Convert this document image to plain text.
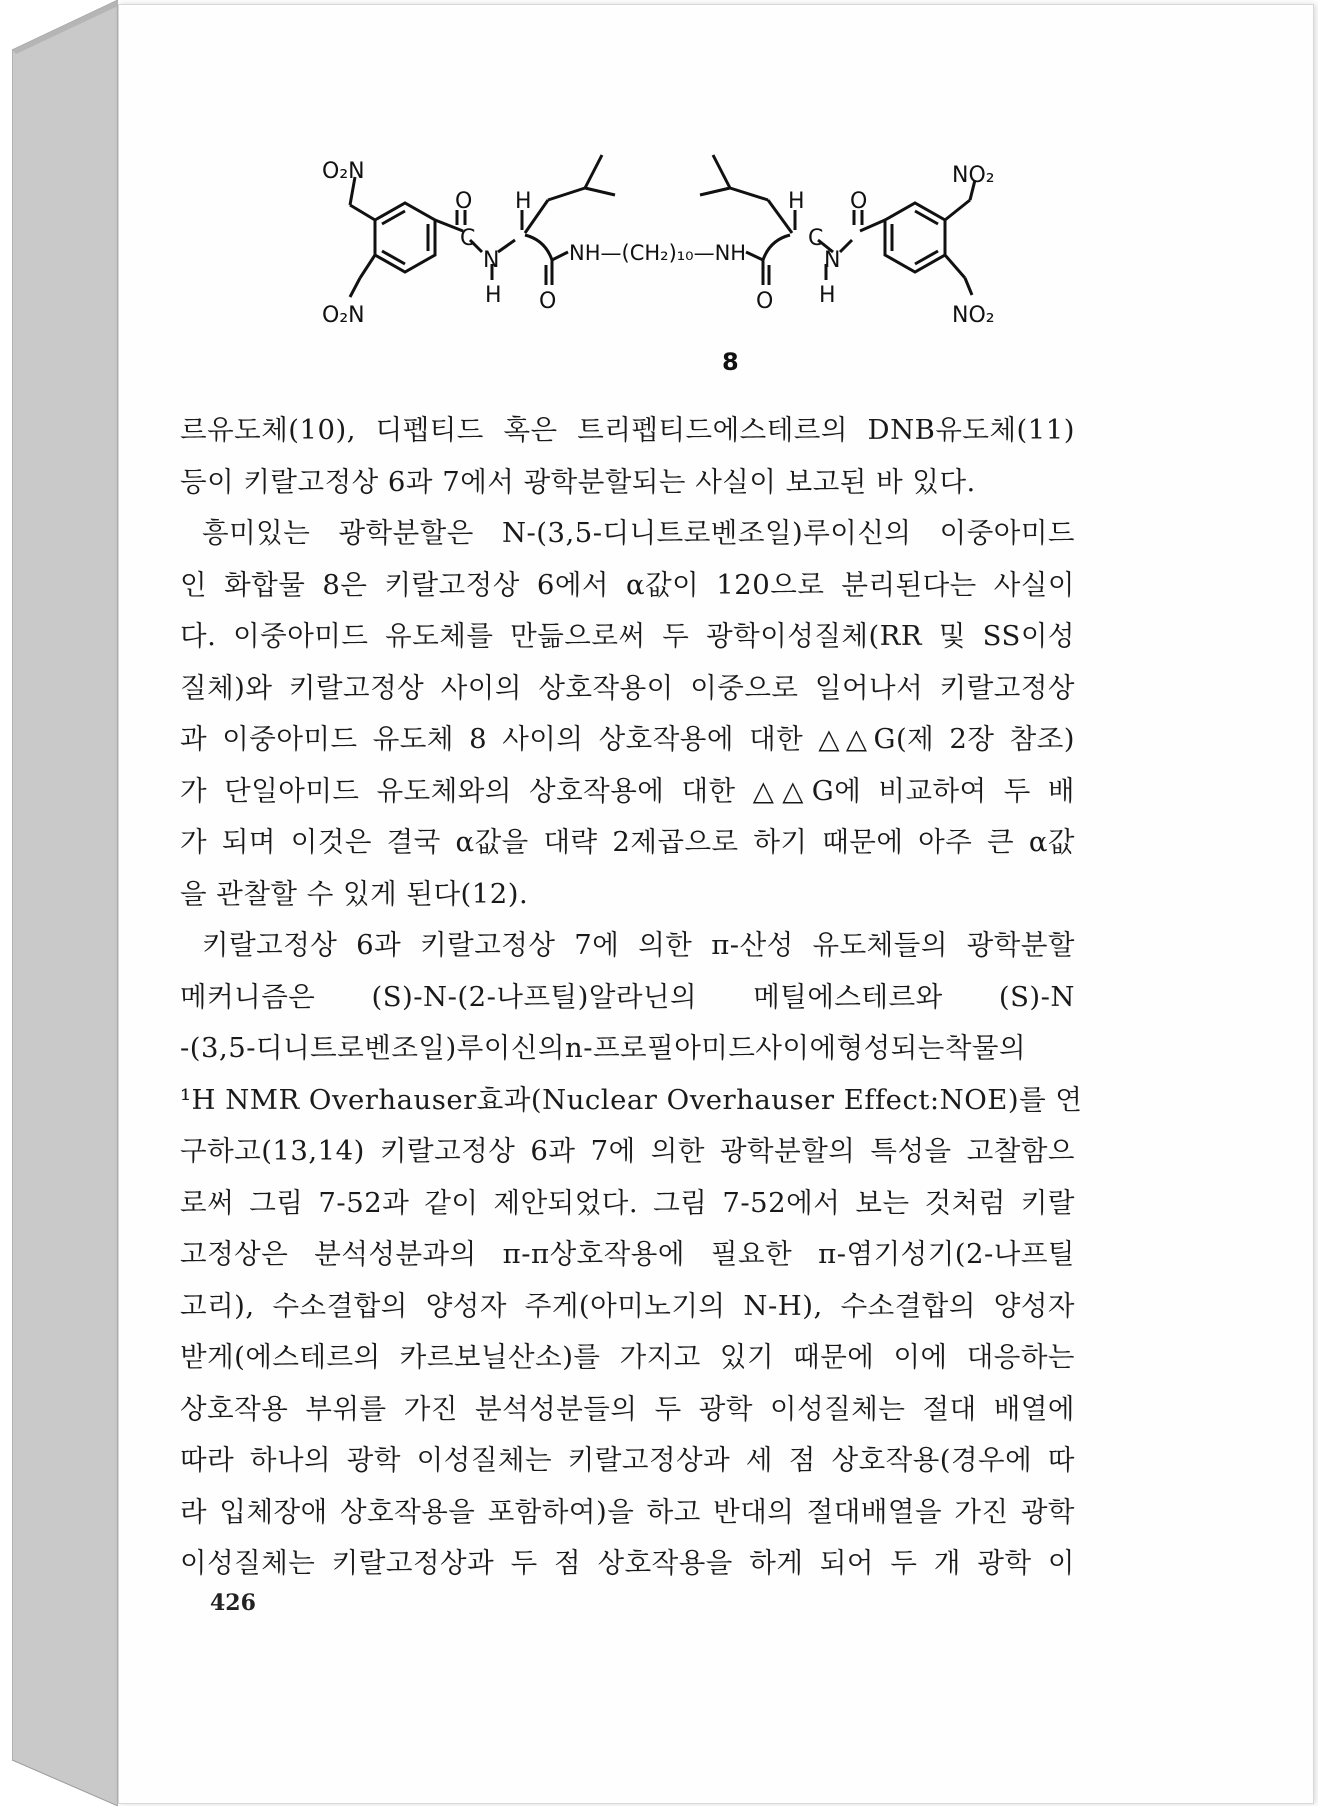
O₂N
O₂N
NO₂
NO₂
O
C
N
H
H
O
NH—(CH₂)₁₀—NH
O
H
C
N
H
O
8
르유도체(10), 디펩티드 혹은 트리펩티드에스테르의 DNB유도체(11)
등이 키랄고정상 6과 7에서 광학분할되는 사실이 보고된 바 있다.
흥미있는 광학분할은 N-(3,5-디니트로벤조일)루이신의 이중아미드
인 화합물 8은 키랄고정상 6에서 α값이 120으로 분리된다는 사실이
다. 이중아미드 유도체를 만듦으로써 두 광학이성질체(RR 및 SS이성
질체)와 키랄고정상 사이의 상호작용이 이중으로 일어나서 키랄고정상
과 이중아미드 유도체 8 사이의 상호작용에 대한 △△G(제 2장 참조)
가 단일아미드 유도체와의 상호작용에 대한 △△G에 비교하여 두 배
가 되며 이것은 결국 α값을 대략 2제곱으로 하기 때문에 아주 큰 α값
을 관찰할 수 있게 된다(12).
키랄고정상 6과 키랄고정상 7에 의한 π-산성 유도체들의 광학분할
메커니즘은 (S)-N-(2-나프틸)알라닌의 메틸에스테르와 (S)-N
-(3,5-디니트로벤조일)루이신의n-프로필아미드사이에형성되는착물의
¹H NMR Overhauser효과(Nuclear Overhauser Effect:NOE)를 연
구하고(13,14) 키랄고정상 6과 7에 의한 광학분할의 특성을 고찰함으
로써 그림 7-52과 같이 제안되었다. 그림 7-52에서 보는 것처럼 키랄
고정상은 분석성분과의 π-π상호작용에 필요한 π-염기성기(2-나프틸
고리), 수소결합의 양성자 주게(아미노기의 N-H), 수소결합의 양성자
받게(에스테르의 카르보닐산소)를 가지고 있기 때문에 이에 대응하는
상호작용 부위를 가진 분석성분들의 두 광학 이성질체는 절대 배열에
따라 하나의 광학 이성질체는 키랄고정상과 세 점 상호작용(경우에 따
라 입체장애 상호작용을 포함하여)을 하고 반대의 절대배열을 가진 광학
이성질체는 키랄고정상과 두 점 상호작용을 하게 되어 두 개 광학 이
426
